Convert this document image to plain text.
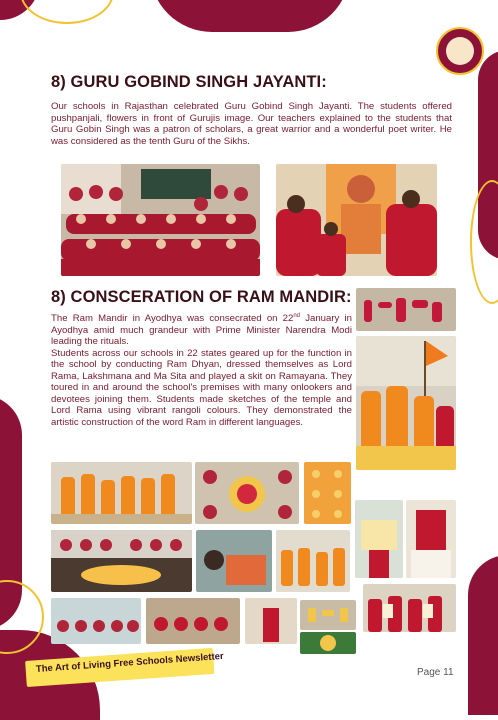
8) GURU GOBIND SINGH JAYANTI:

Our schools in Rajasthan celebrated Guru Gobind Singh Jayanti. The students offered pushpanjali, flowers in front of Gurujis image. Our teachers explained to the students that Guru Gobin Singh was a patron of scholars, a great warrior and a wonderful poet writer. He was considered as the tenth Guru of the Sikhs.

8) CONSCERATION OF RAM MANDIR:

The Ram Mandir in Ayodhya was consecrated on 22nd January in Ayodhya amid much grandeur with Prime Minister Narendra Modi leading the rituals.
Students across our schools in 22 states geared up for the function in the school by conducting Ram Dhyan, dressed themselves as Lord Rama, Lakshmana and Ma Sita and played a skit on Ramayana. They toured in and around the school's premises with many onlookers and devotees joining them. Students made sketches of the temple and Lord Rama using vibrant rangoli colours. They demonstrated the artistic construction of the word Ram in different languages.

The Art of Living Free Schools Newsletter	Page 11
